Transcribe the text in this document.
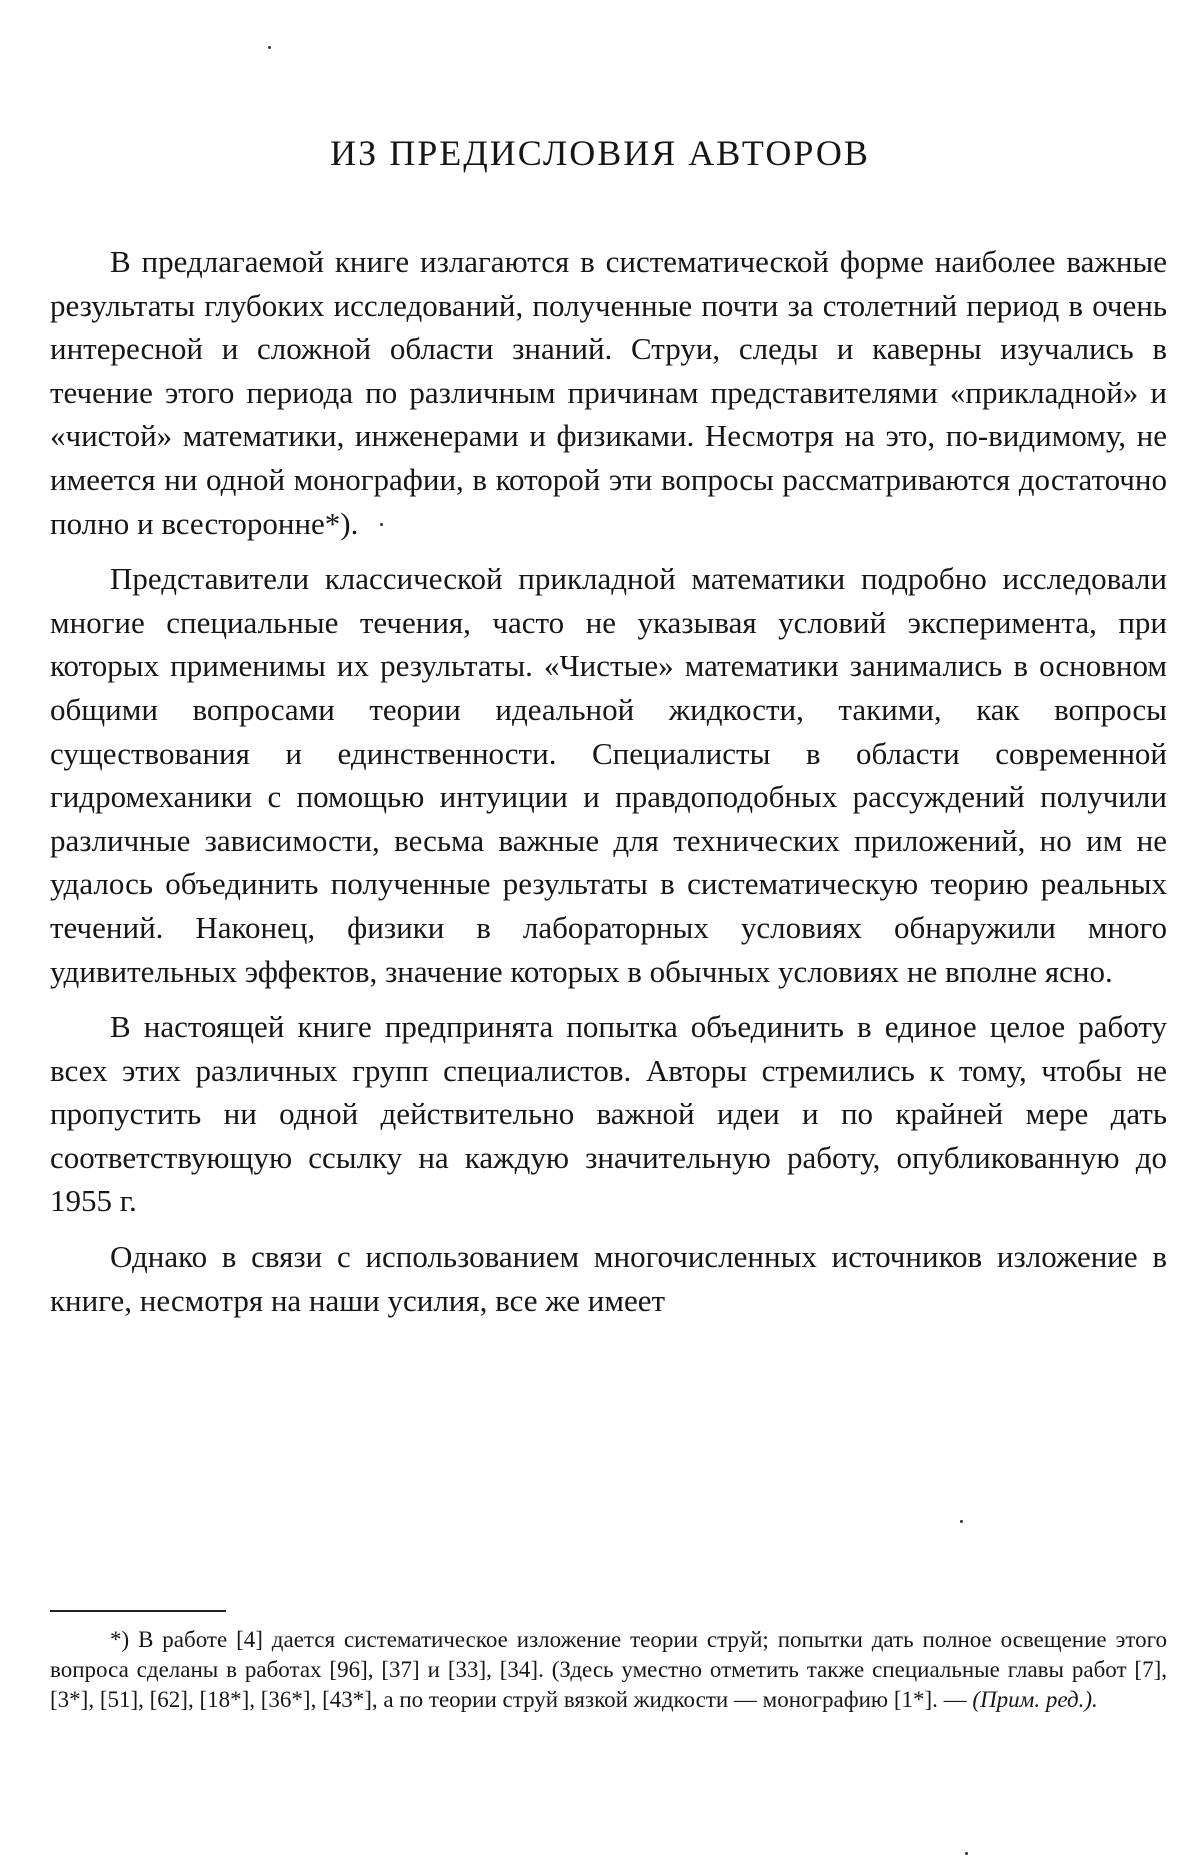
ИЗ ПРЕДИСЛОВИЯ АВТОРОВ

В предлагаемой книге излагаются в систематической форме наиболее важные результаты глубоких исследований, полученные почти за столетний период в очень интересной и сложной области знаний. Струи, следы и каверны изучались в течение этого периода по различным причинам представителями «прикладной» и «чистой» математики, инженерами и физиками. Несмотря на это, по-видимому, не имеется ни одной монографии, в которой эти вопросы рассматриваются достаточно полно и всесторонне*).

Представители классической прикладной математики подробно исследовали многие специальные течения, часто не указывая условий эксперимента, при которых применимы их результаты. «Чистые» математики занимались в основном общими вопросами теории идеальной жидкости, такими, как вопросы существования и единственности. Специалисты в области современной гидромеханики с помощью интуиции и правдоподобных рассуждений получили различные зависимости, весьма важные для технических приложений, но им не удалось объединить полученные результаты в систематическую теорию реальных течений. Наконец, физики в лабораторных условиях обнаружили много удивительных эффектов, значение которых в обычных условиях не вполне ясно.

В настоящей книге предпринята попытка объединить в единое целое работу всех этих различных групп специалистов. Авторы стремились к тому, чтобы не пропустить ни одной действительно важной идеи и по крайней мере дать соответствующую ссылку на каждую значительную работу, опубликованную до 1955 г.

Однако в связи с использованием многочисленных источников изложение в книге, несмотря на наши усилия, все же имеет

*) В работе [4] дается систематическое изложение теории струй; попытки дать полное освещение этого вопроса сделаны в работах [96], [37] и [33], [34]. (Здесь уместно отметить также специальные главы работ [7], [3*], [51], [62], [18*], [36*], [43*], а по теории струй вязкой жидкости — монографию [1*]. — (Прим. ред.).
